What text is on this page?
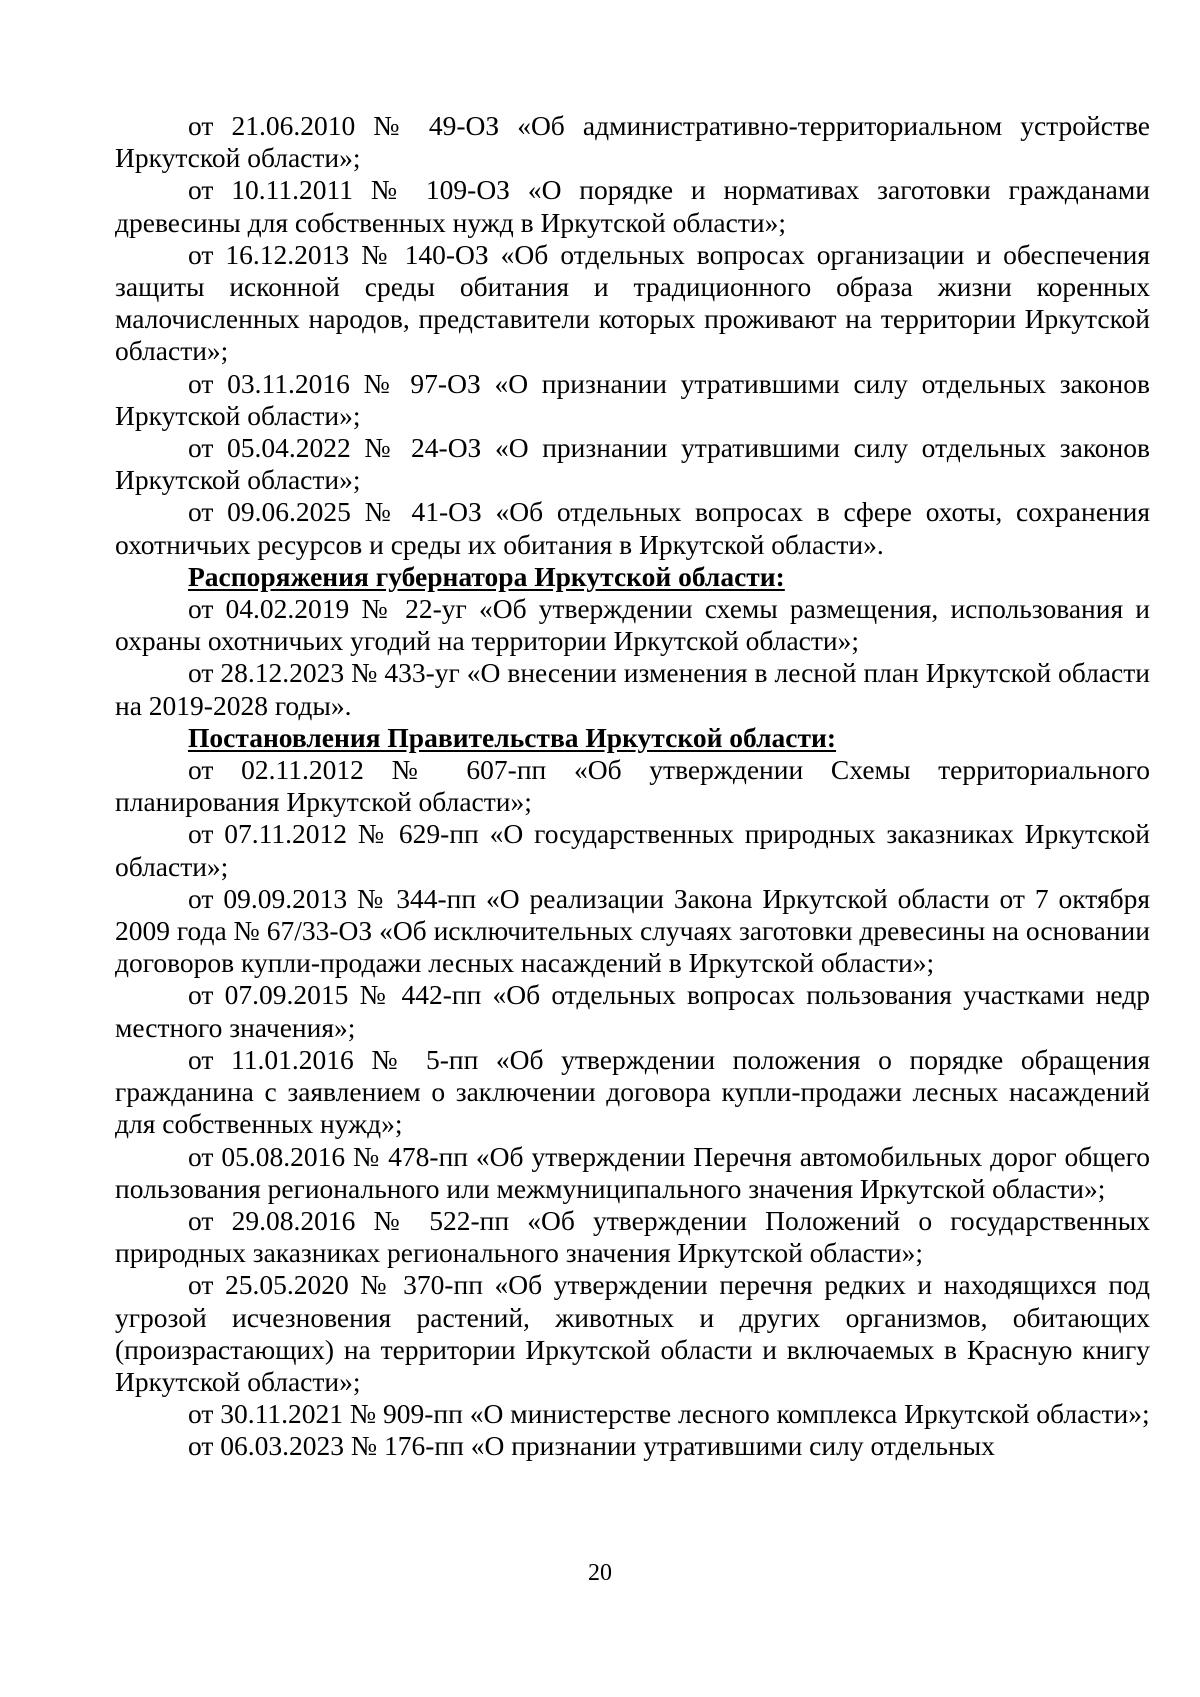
от 21.06.2010 № 49-ОЗ «Об административно-территориальном устройстве Иркутской области»;

от 10.11.2011 № 109-ОЗ «О порядке и нормативах заготовки гражданами древесины для собственных нужд в Иркутской области»;

от 16.12.2013 № 140-ОЗ «Об отдельных вопросах организации и обеспечения защиты исконной среды обитания и традиционного образа жизни коренных малочисленных народов, представители которых проживают на территории Иркутской области»;

от 03.11.2016 № 97-ОЗ «О признании утратившими силу отдельных законов Иркутской области»;

от 05.04.2022 № 24-ОЗ «О признании утратившими силу отдельных законов Иркутской области»;

от 09.06.2025 № 41-ОЗ «Об отдельных вопросах в сфере охоты, сохранения охотничьих ресурсов и среды их обитания в Иркутской области».

Распоряжения губернатора Иркутской области:

от 04.02.2019 № 22-уг «Об утверждении схемы размещения, использования и охраны охотничьих угодий на территории Иркутской области»;

от 28.12.2023 № 433-уг «О внесении изменения в лесной план Иркутской области на 2019-2028 годы».

Постановления Правительства Иркутской области:

от 02.11.2012 № 607-пп «Об утверждении Схемы территориального планирования Иркутской области»;

от 07.11.2012 № 629-пп «О государственных природных заказниках Иркутской области»;

от 09.09.2013 № 344-пп «О реализации Закона Иркутской области от 7 октября 2009 года № 67/33-ОЗ «Об исключительных случаях заготовки древесины на основании договоров купли-продажи лесных насаждений в Иркутской области»;

от 07.09.2015 № 442-пп «Об отдельных вопросах пользования участками недр местного значения»;

от 11.01.2016 № 5-пп «Об утверждении положения о порядке обращения гражданина с заявлением о заключении договора купли-продажи лесных насаждений для собственных нужд»;

от 05.08.2016 № 478-пп «Об утверждении Перечня автомобильных дорог общего пользования регионального или межмуниципального значения Иркутской области»;

от 29.08.2016 № 522-пп «Об утверждении Положений о государственных природных заказниках регионального значения Иркутской области»;

от 25.05.2020 № 370-пп «Об утверждении перечня редких и находящихся под угрозой исчезновения растений, животных и других организмов, обитающих (произрастающих) на территории Иркутской области и включаемых в Красную книгу Иркутской области»;

от 30.11.2021 № 909-пп «О министерстве лесного комплекса Иркутской области»;

от 06.03.2023 № 176-пп «О признании утратившими силу отдельных

20
